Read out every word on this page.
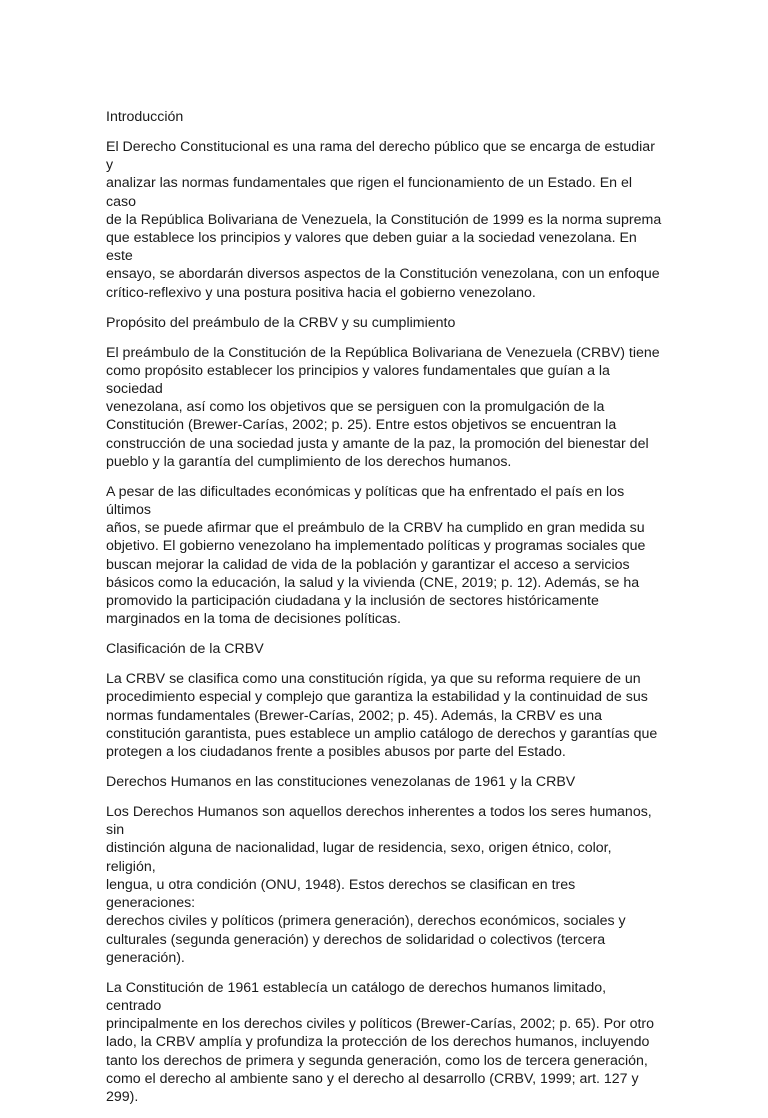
Introducción
El Derecho Constitucional es una rama del derecho público que se encarga de estudiar y
analizar las normas fundamentales que rigen el funcionamiento de un Estado. En el caso
de la República Bolivariana de Venezuela, la Constitución de 1999 es la norma suprema
que establece los principios y valores que deben guiar a la sociedad venezolana. En este
ensayo, se abordarán diversos aspectos de la Constitución venezolana, con un enfoque
crítico-reflexivo y una postura positiva hacia el gobierno venezolano.
Propósito del preámbulo de la CRBV y su cumplimiento
El preámbulo de la Constitución de la República Bolivariana de Venezuela (CRBV) tiene
como propósito establecer los principios y valores fundamentales que guían a la sociedad
venezolana, así como los objetivos que se persiguen con la promulgación de la
Constitución (Brewer-Carías, 2002; p. 25). Entre estos objetivos se encuentran la
construcción de una sociedad justa y amante de la paz, la promoción del bienestar del
pueblo y la garantía del cumplimiento de los derechos humanos.
A pesar de las dificultades económicas y políticas que ha enfrentado el país en los últimos
años, se puede afirmar que el preámbulo de la CRBV ha cumplido en gran medida su
objetivo. El gobierno venezolano ha implementado políticas y programas sociales que
buscan mejorar la calidad de vida de la población y garantizar el acceso a servicios
básicos como la educación, la salud y la vivienda (CNE, 2019; p. 12). Además, se ha
promovido la participación ciudadana y la inclusión de sectores históricamente
marginados en la toma de decisiones políticas.
Clasificación de la CRBV
La CRBV se clasifica como una constitución rígida, ya que su reforma requiere de un
procedimiento especial y complejo que garantiza la estabilidad y la continuidad de sus
normas fundamentales (Brewer-Carías, 2002; p. 45). Además, la CRBV es una
constitución garantista, pues establece un amplio catálogo de derechos y garantías que
protegen a los ciudadanos frente a posibles abusos por parte del Estado.
Derechos Humanos en las constituciones venezolanas de 1961 y la CRBV
Los Derechos Humanos son aquellos derechos inherentes a todos los seres humanos, sin
distinción alguna de nacionalidad, lugar de residencia, sexo, origen étnico, color, religión,
lengua, u otra condición (ONU, 1948). Estos derechos se clasifican en tres generaciones:
derechos civiles y políticos (primera generación), derechos económicos, sociales y
culturales (segunda generación) y derechos de solidaridad o colectivos (tercera
generación).
La Constitución de 1961 establecía un catálogo de derechos humanos limitado, centrado
principalmente en los derechos civiles y políticos (Brewer-Carías, 2002; p. 65). Por otro
lado, la CRBV amplía y profundiza la protección de los derechos humanos, incluyendo
tanto los derechos de primera y segunda generación, como los de tercera generación,
como el derecho al ambiente sano y el derecho al desarrollo (CRBV, 1999; art. 127 y
299).
